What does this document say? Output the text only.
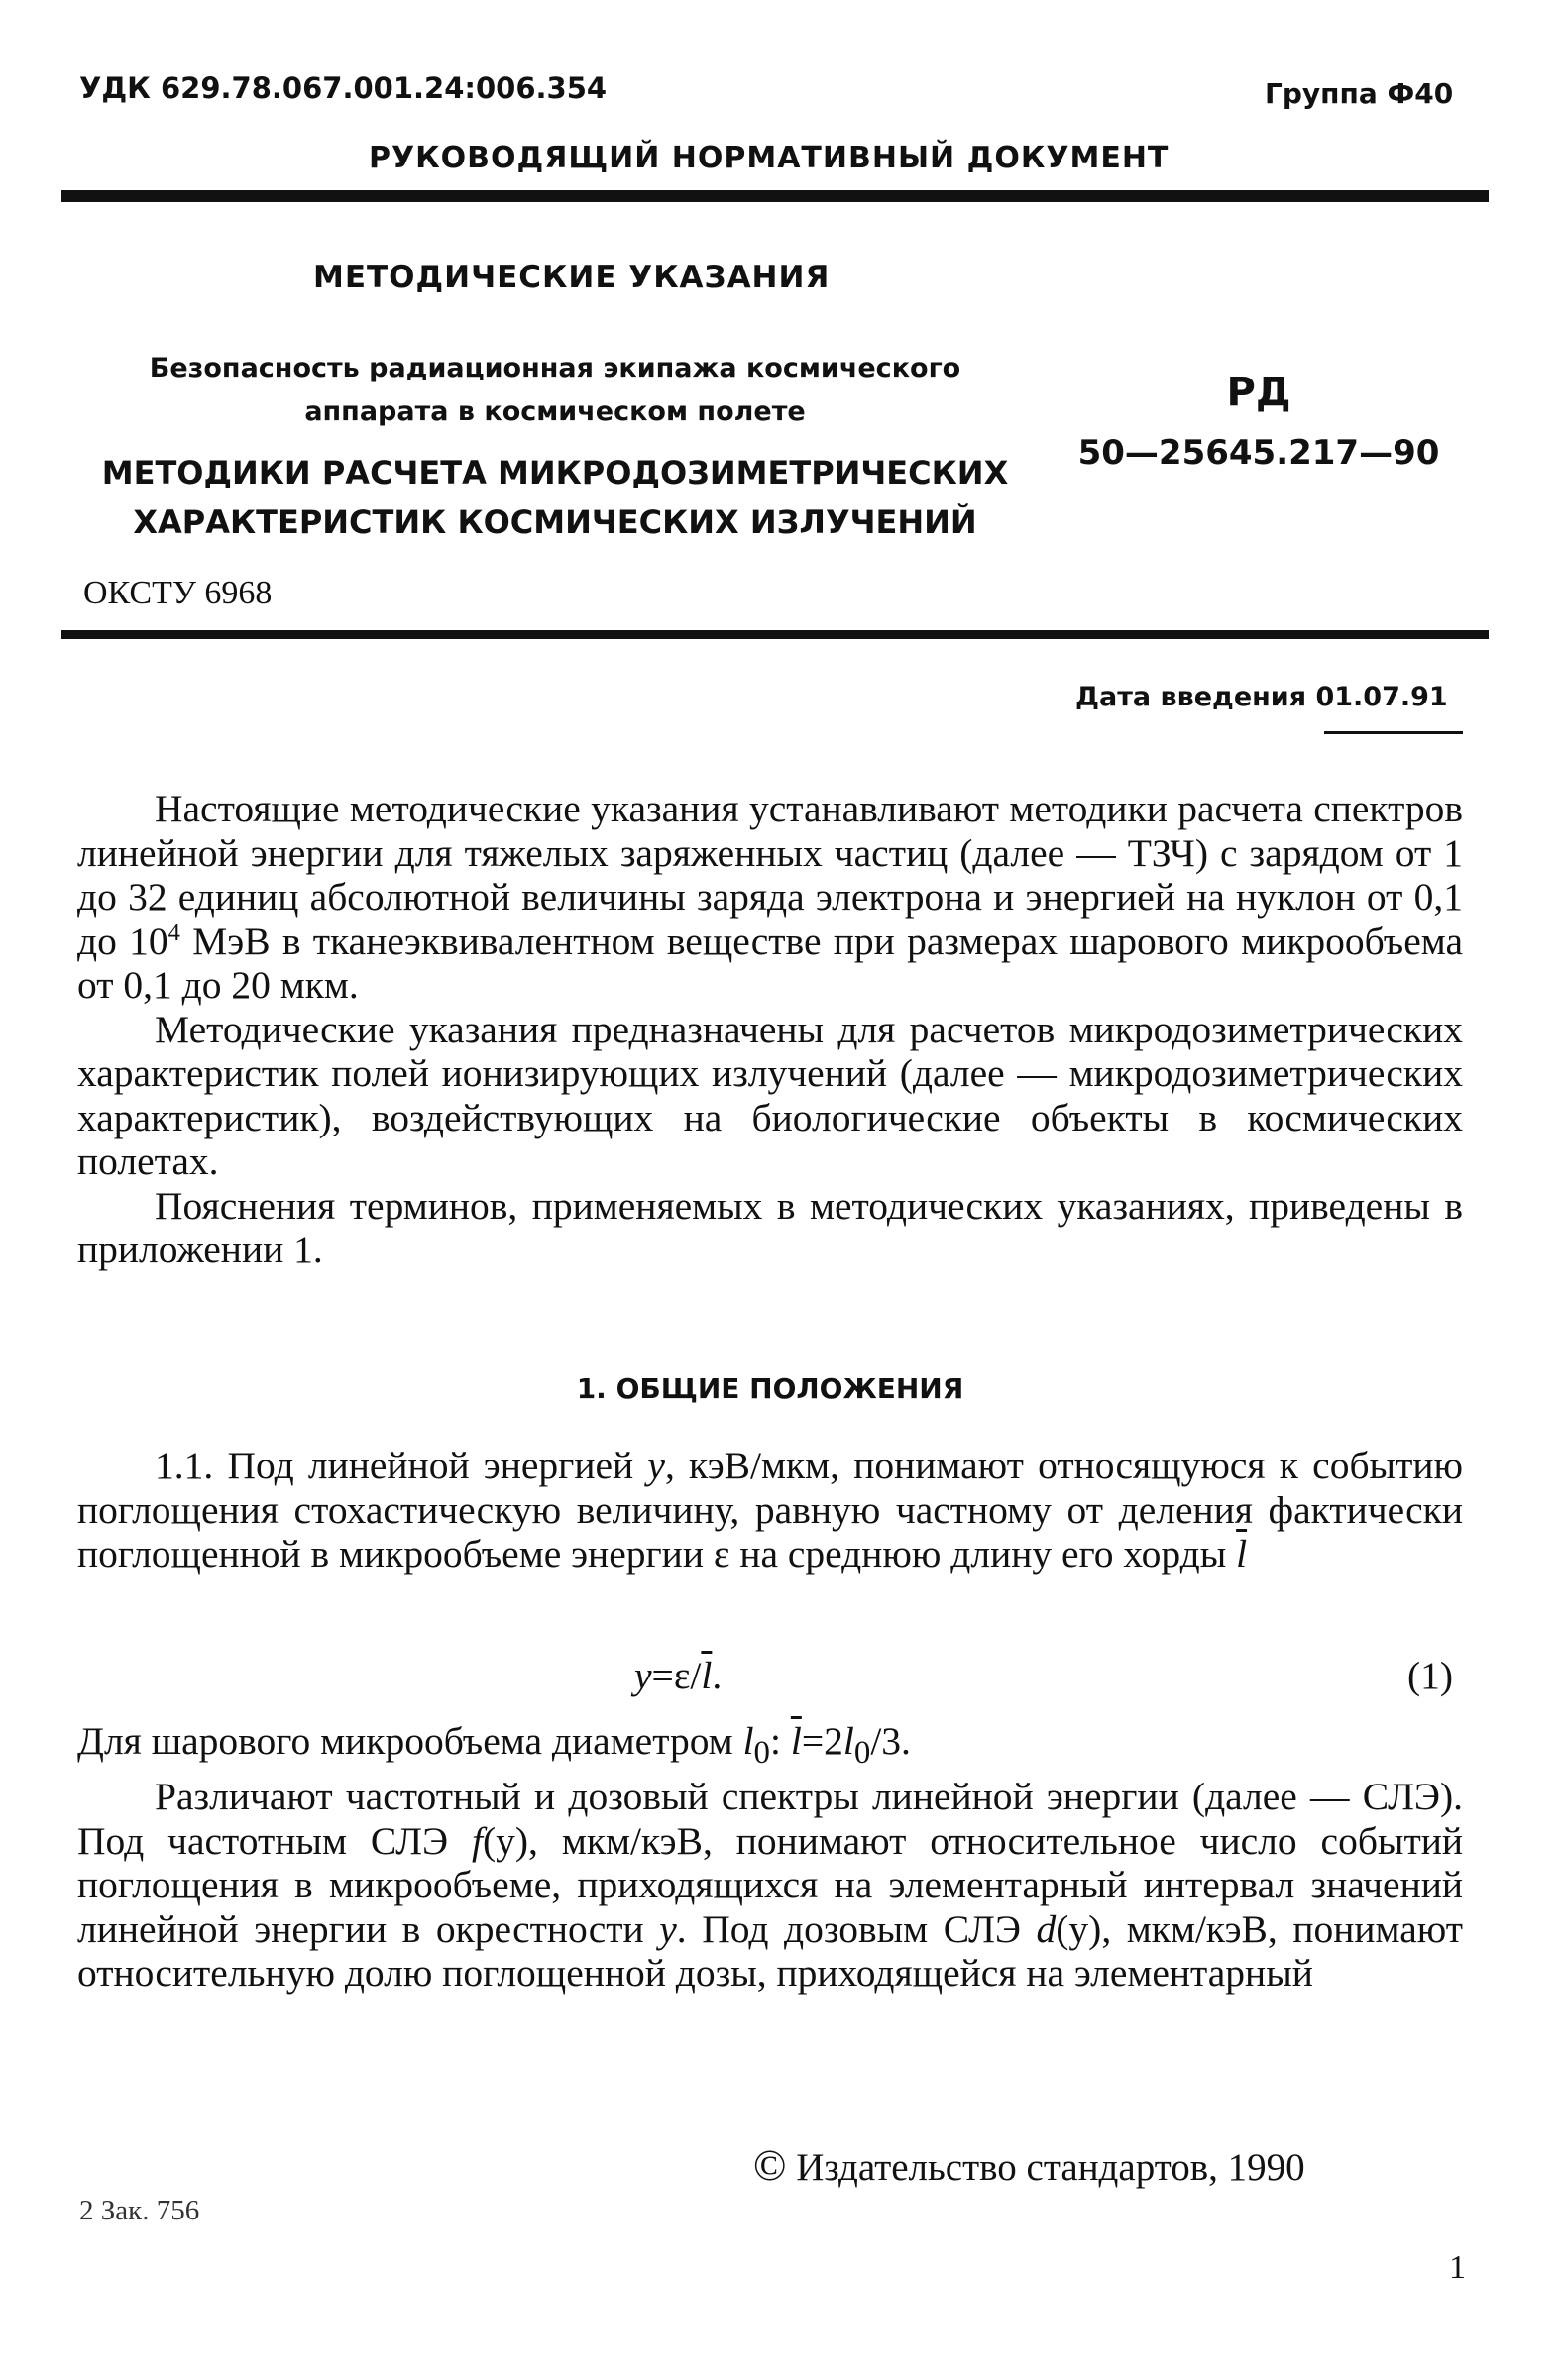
УДК 629.78.067.001.24:006.354	Группа Ф40
РУКОВОДЯЩИЙ НОРМАТИВНЫЙ ДОКУМЕНТ
МЕТОДИЧЕСКИЕ УКАЗАНИЯ
Безопасность радиационная экипажа космического
аппарата в космическом полете
МЕТОДИКИ РАСЧЕТА МИКРОДОЗИМЕТРИЧЕСКИХ
ХАРАКТЕРИСТИК КОСМИЧЕСКИХ ИЗЛУЧЕНИЙ
РД
50—25645.217—90
ОКСТУ 6968
Дата введения 01.07.91

Настоящие методические указания устанавливают методики расчета спектров линейной энергии для тяжелых заряженных частиц (далее — ТЗЧ) с зарядом от 1 до 32 единиц абсолютной величины заряда электрона и энергией на нуклон от 0,1 до $10^4$ МэВ в тканеэквивалентном веществе при размерах шарового микрообъема от 0,1 до 20 мкм.

Методические указания предназначены для расчетов микродозиметрических характеристик полей ионизирующих излучений (далее — микродозиметрических характеристик), воздействующих на биологические объекты в космических полетах.

Пояснения терминов, применяемых в методических указаниях, приведены в приложении 1.

1. ОБЩИЕ ПОЛОЖЕНИЯ

1.1. Под линейной энергией y, кэВ/мкм, понимают относящуюся к событию поглощения стохастическую величину, равную частному от деления фактически поглощенной в микрообъеме энергии ε на среднюю длину его хорды $\overline{l}$

$y=\varepsilon/\overline{l}$.	(1)

Для шарового микрообъема диаметром $l_0$: $\overline{l}=2l_0/3$.

Различают частотный и дозовый спектры линейной энергии (далее — СЛЭ). Под частотным СЛЭ f(y), мкм/кэВ, понимают относительное число событий поглощения в микрообъеме, приходящихся на элементарный интервал значений линейной энергии в окрестности y. Под дозовым СЛЭ d(y), мкм/кэВ, понимают относительную долю поглощенной дозы, приходящейся на элементарный

© Издательство стандартов, 1990
2 Зак. 756
1
